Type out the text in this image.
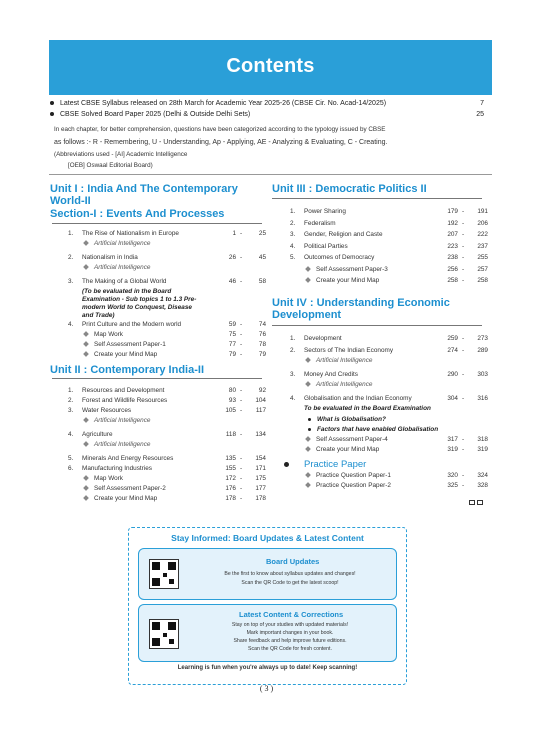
Contents
Latest CBSE Syllabus released on 28th March for Academic Year 2025-26 (CBSE Cir. No. Acad-14/2025)	7
CBSE Solved Board Paper 2025 (Delhi & Outside Delhi Sets)	25
In each chapter, for better comprehension, questions have been categorized according to the typology issued by CBSE
as follows :- R - Remembering, U - Understanding, Ap - Applying, AE - Analyzing & Evaluating, C - Creating.
(Abbreviations used - [AI] Academic Intelligence
[OEB] Oswaal Editorial Board)
Unit I : India And The Contemporary
World-II
Section-I : Events And Processes
1. The Rise of Nationalism in Europe	1 -	25
Artificial Intelligence
2. Nationalism in India	26 -	45
Artificial Intelligence
3. The Making of a Global World	46 -	58
4. Print Culture and the Modern world	59 -	74
Map Work	75 -	76
Self Assessment Paper-1	77 -	78
Create your Mind Map	79 -	79
(To be evaluated in the Board
Examination - Sub topics 1 to 1.3 Pre-
modern World to Conquest, Disease
and Trade)
Unit II : Contemporary India-II
1. Resources and Development	80 -	92
2. Forest and Wildlife Resources	93 -	104
3. Water Resources	105 -	117
Artificial Intelligence
4. Agriculture	118 -	134
Artificial Intelligence
5. Minerals And Energy Resources	135 -	154
6. Manufacturing Industries	155 -	171
Map Work	172 -	175
Self Assessment Paper-2	176 -	177
Create your Mind Map	178 -	178
Unit III : Democratic Politics II
1. Power Sharing	179 -	191
2. Federalism	192 -	206
3. Gender, Religion and Caste	207 -	222
4. Political Parties	223 -	237
5. Outcomes of Democracy	238 -	255
Self Assessment Paper-3	256 -	257
Create your Mind Map	258 -	258
Unit IV : Understanding Economic
Development
1. Development	259 -	273
2. Sectors of The Indian Economy	274 -	289
Artificial Intelligence
3. Money And Credits	290 -	303
Artificial Intelligence
4. Globalisation and the Indian Economy	304 -	316
To be evaluated in the Board Examination
What is Globalisation?
Factors that have enabled Globalisation
Self Assessment Paper-4	317 -	318
Create your Mind Map	319 -	319
Practice Paper
Practice Question Paper-1	320 -	324
Practice Question Paper-2	325 -	328
Stay Informed: Board Updates & Latest Content
Board Updates
Be the first to know about syllabus updates and changes!
Scan the QR Code to get the latest scoop!
Latest Content & Corrections
Stay on top of your studies with updated materials!
Mark important changes in your book.
Share feedback and help improve future editions.
Scan the QR Code for fresh content.
Learning is fun when you're always up to date! Keep scanning!
( 3 )
